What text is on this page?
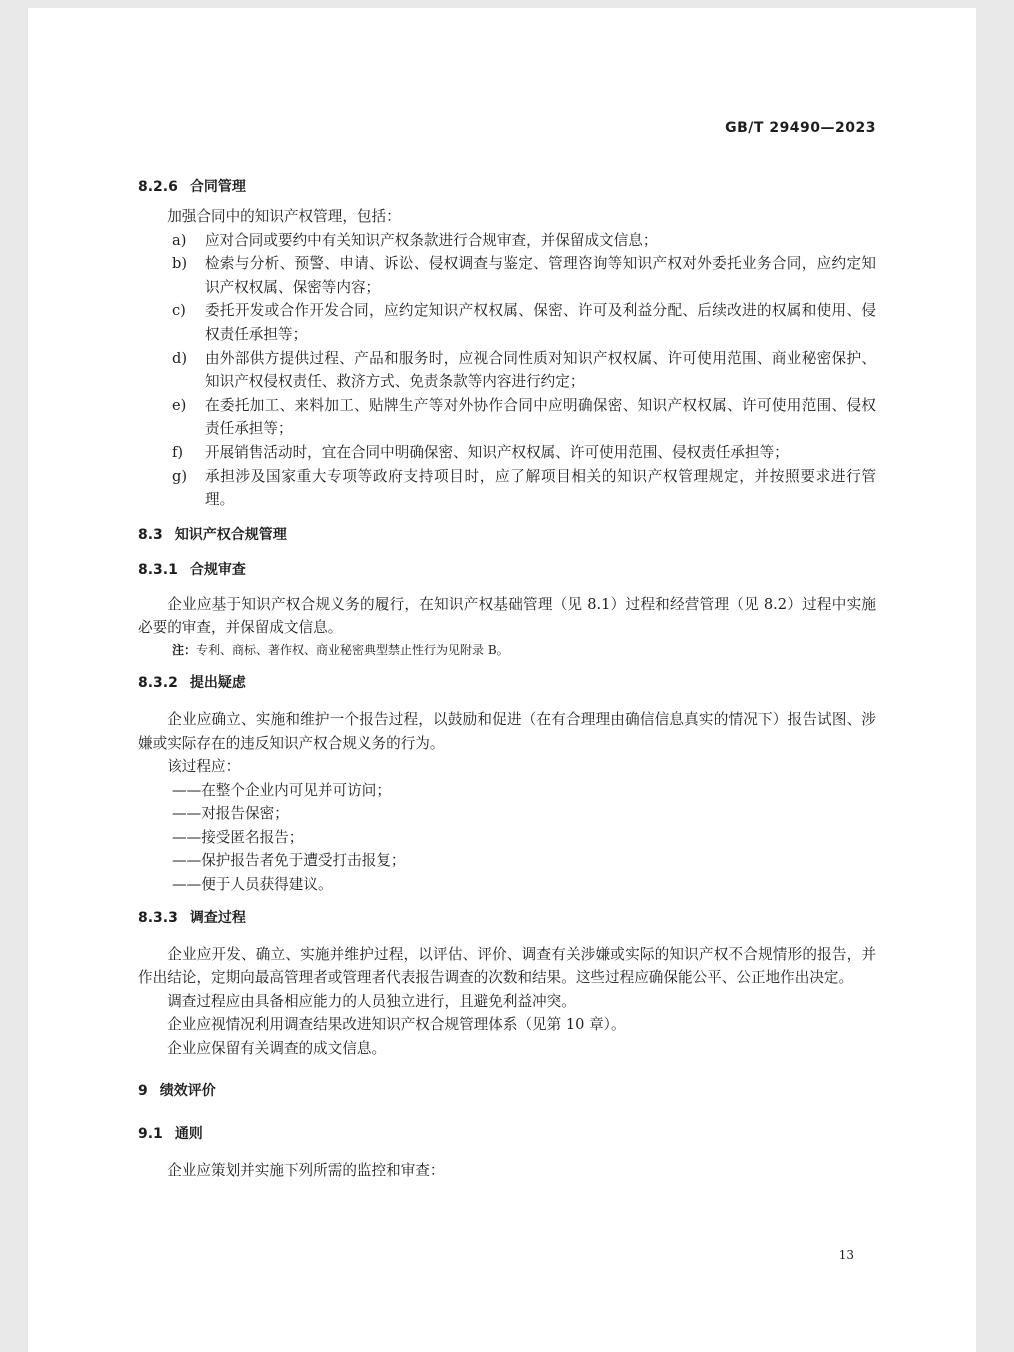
GB/T 29490—2023
8.2.6 合同管理
加强合同中的知识产权管理，包括：
a)	应对合同或要约中有关知识产权条款进行合规审查，并保留成文信息；
b)	检索与分析、预警、申请、诉讼、侵权调查与鉴定、管理咨询等知识产权对外委托业务合同，应约定知识产权权属、保密等内容；
c)	委托开发或合作开发合同，应约定知识产权权属、保密、许可及利益分配、后续改进的权属和使用、侵权责任承担等；
d)	由外部供方提供过程、产品和服务时，应视合同性质对知识产权权属、许可使用范围、商业秘密保护、知识产权侵权责任、救济方式、免责条款等内容进行约定；
e)	在委托加工、来料加工、贴牌生产等对外协作合同中应明确保密、知识产权权属、许可使用范围、侵权责任承担等；
f)	开展销售活动时，宜在合同中明确保密、知识产权权属、许可使用范围、侵权责任承担等；
g)	承担涉及国家重大专项等政府支持项目时，应了解项目相关的知识产权管理规定，并按照要求进行管理。
8.3 知识产权合规管理
8.3.1 合规审查
企业应基于知识产权合规义务的履行，在知识产权基础管理（见 8.1）过程和经营管理（见 8.2）过程中实施必要的审查，并保留成文信息。
注：专利、商标、著作权、商业秘密典型禁止性行为见附录 B。
8.3.2 提出疑虑
企业应确立、实施和维护一个报告过程，以鼓励和促进（在有合理理由确信信息真实的情况下）报告试图、涉嫌或实际存在的违反知识产权合规义务的行为。
该过程应：
——在整个企业内可见并可访问；
——对报告保密；
——接受匿名报告；
——保护报告者免于遭受打击报复；
——便于人员获得建议。
8.3.3 调查过程
企业应开发、确立、实施并维护过程，以评估、评价、调查有关涉嫌或实际的知识产权不合规情形的报告，并作出结论，定期向最高管理者或管理者代表报告调查的次数和结果。这些过程应确保能公平、公正地作出决定。
调查过程应由具备相应能力的人员独立进行，且避免利益冲突。
企业应视情况利用调查结果改进知识产权合规管理体系（见第 10 章）。
企业应保留有关调查的成文信息。
9 绩效评价
9.1 通则
企业应策划并实施下列所需的监控和审查：
13
